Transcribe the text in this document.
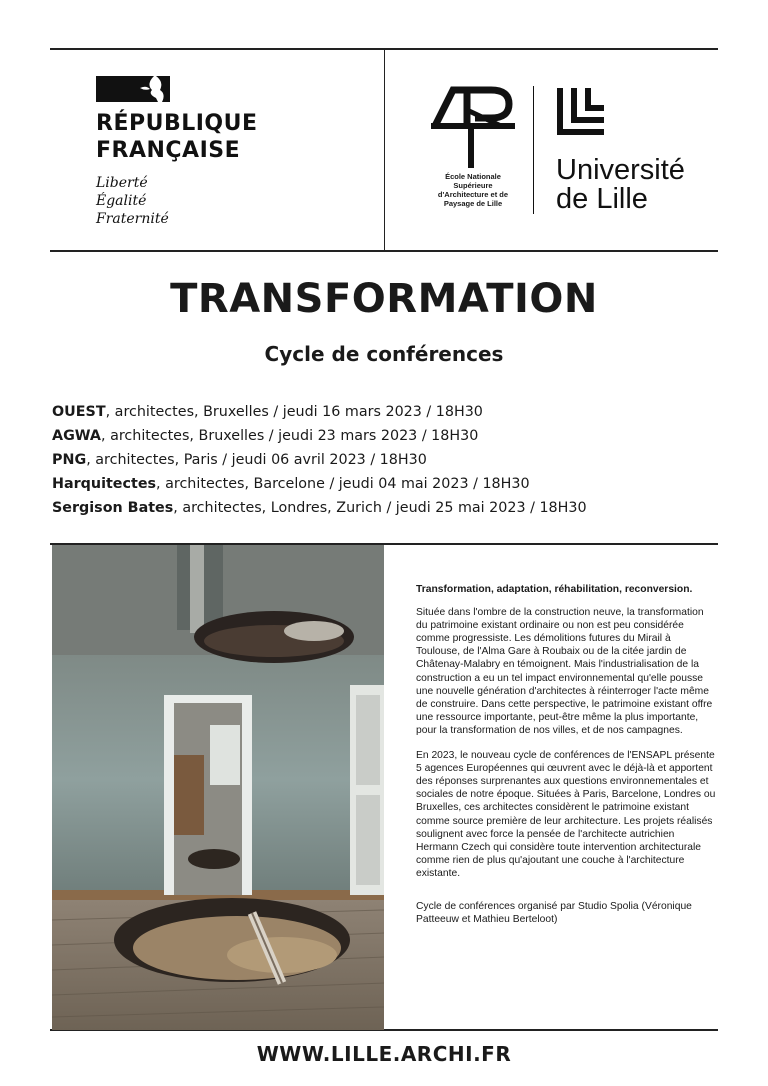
RÉPUBLIQUE
FRANÇAISE
Liberté
Égalité
Fraternité
École Nationale
Supérieure
d'Architecture et de
Paysage de Lille
Université
de Lille
TRANSFORMATION
Cycle de conférences
OUEST, architectes, Bruxelles / jeudi 16 mars 2023 / 18H30
AGWA, architectes, Bruxelles / jeudi 23 mars 2023 / 18H30
PNG, architectes, Paris / jeudi 06 avril 2023 / 18H30
Harquitectes, architectes, Barcelone / jeudi 04 mai 2023 / 18H30
Sergison Bates, architectes, Londres, Zurich / jeudi 25 mai 2023 / 18H30

Transformation, adaptation, réhabilitation, reconversion.

Située dans l'ombre de la construction neuve, la transformation du patrimoine existant ordinaire ou non est peu considérée comme progressiste. Les démolitions futures du Mirail à Toulouse, de l'Alma Gare à Roubaix ou de la citée jardin de Châtenay-Malabry en témoignent. Mais l'industrialisation de la construction a eu un tel impact environnemental qu'elle pousse une nouvelle génération d'architectes à réinterroger l'acte même de construire. Dans cette perspective, le patrimoine existant offre une ressource importante, peut-être même la plus importante, pour la transformation de nos villes, et de nos campagnes.

En 2023, le nouveau cycle de conférences de l'ENSAPL présente 5 agences Européennes qui œuvrent avec le déjà-là et apportent des réponses surprenantes aux questions environnementales et sociales de notre époque. Situées à Paris, Barcelone, Londres ou Bruxelles, ces architectes considèrent le patrimoine existant comme source première de leur architecture. Les projets réalisés soulignent avec force la pensée de l'architecte autrichien Hermann Czech qui considère toute intervention architecturale comme rien de plus qu'ajoutant une couche à l'architecture existante.

Cycle de conférences organisé par Studio Spolia (Véronique Patteeuw et Mathieu Berteloot)

WWW.LILLE.ARCHI.FR
